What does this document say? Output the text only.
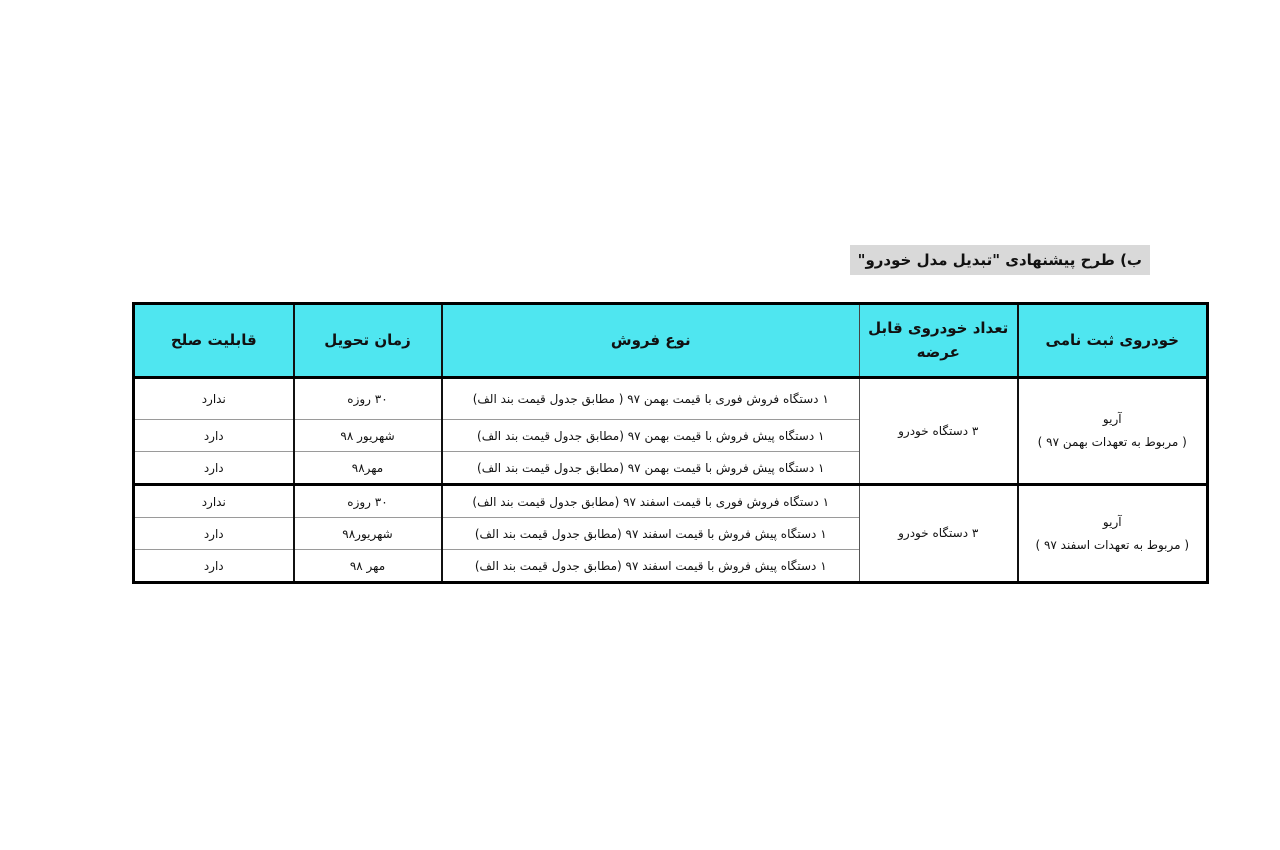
ب) طرح پیشنهادی "تبدیل مدل خودرو"
خودروی ثبت نامی	تعداد خودروی قابل عرضه	نوع فروش	زمان تحویل	قابلیت صلح

آریو
( مربوط به تعهدات بهمن ۹۷ )	۳ دستگاه خودرو	۱ دستگاه فروش فوری با قیمت بهمن ۹۷ ( مطابق جدول قیمت بند الف)	۳۰ روزه	ندارد
		۱ دستگاه پیش فروش با قیمت بهمن ۹۷ (مطابق جدول قیمت بند الف)	شهریور ۹۸	دارد
		۱ دستگاه پیش فروش با قیمت بهمن ۹۷ (مطابق جدول قیمت بند الف)	مهر۹۸	دارد

آریو
( مربوط به تعهدات اسفند ۹۷ )	۳ دستگاه خودرو	۱ دستگاه فروش فوری با قیمت اسفند ۹۷ (مطابق جدول قیمت بند الف)	۳۰ روزه	ندارد
		۱ دستگاه پیش فروش با قیمت اسفند ۹۷ (مطابق جدول قیمت بند الف)	شهریور۹۸	دارد
		۱ دستگاه پیش فروش با قیمت اسفند ۹۷ (مطابق جدول قیمت بند الف)	مهر ۹۸	دارد
